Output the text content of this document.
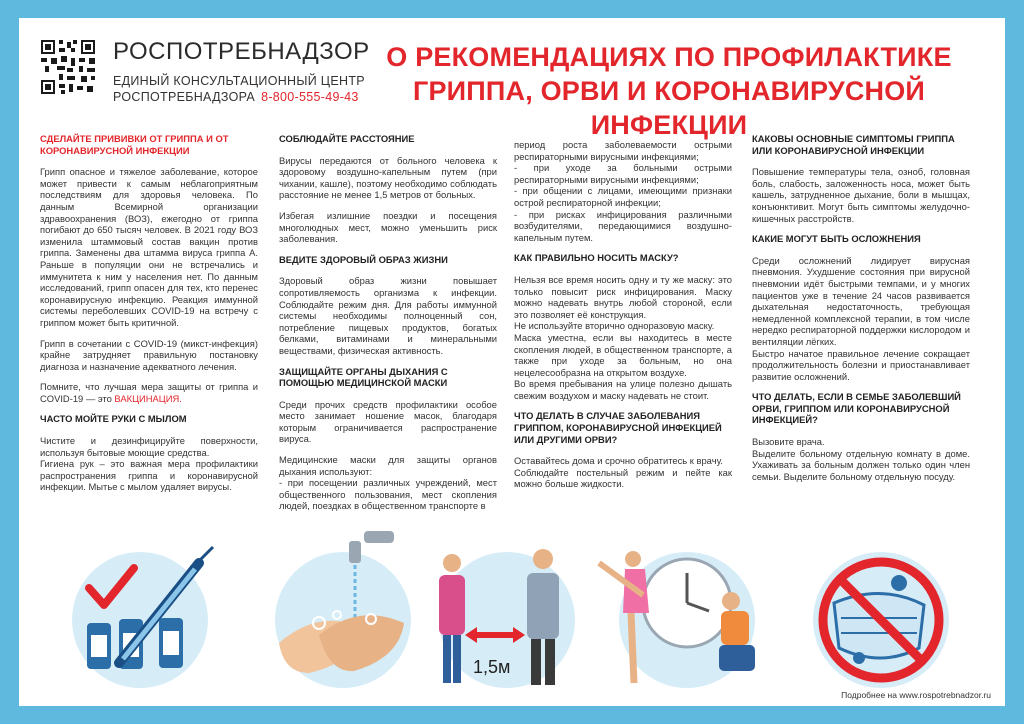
РОСПОТРЕБНАДЗОР
ЕДИНЫЙ КОНСУЛЬТАЦИОННЫЙ ЦЕНТР
РОСПОТРЕБНАДЗОРА 8-800-555-49-43
О РЕКОМЕНДАЦИЯХ ПО ПРОФИЛАКТИКЕ
ГРИППА, ОРВИ И КОРОНАВИРУСНОЙ ИНФЕКЦИИ
СДЕЛАЙТЕ ПРИВИВКИ ОТ ГРИППА И ОТ КОРОНАВИРУСНОЙ ИНФЕКЦИИ

Грипп опасное и тяжелое заболевание, которое может привести к самым неблагоприятным последствиям для здоровья человека. По данным Всемирной организации здравоохранения (ВОЗ), ежегодно от гриппа погибают до 650 тысяч человек. В 2021 году ВОЗ изменила штаммовый состав вакцин против гриппа. Заменены два штамма вируса гриппа А. Раньше в популяции они не встречались и иммунитета к ним у населения нет. По данным исследований, грипп опасен для тех, кто перенес коронавирусную инфекцию. Реакция иммунной системы переболевших COVID-19 на встречу с гриппом может быть критичной.

Грипп в сочетании с COVID-19 (микст-инфекция) крайне затрудняет правильную постановку диагноза и назначение адекватного лечения.

Помните, что лучшая мера защиты от гриппа и COVID-19 — это ВАКЦИНАЦИЯ.

ЧАСТО МОЙТЕ РУКИ С МЫЛОМ

Чистите и дезинфицируйте поверхности, используя бытовые моющие средства.

Гигиена рук – это важная мера профилактики распространения гриппа и коронавирусной инфекции. Мытье с мылом удаляет вирусы.

СОБЛЮДАЙТЕ РАССТОЯНИЕ

Вирусы передаются от больного человека к здоровому воздушно-капельным путем (при чихании, кашле), поэтому необходимо соблюдать расстояние не менее 1,5 метров от больных.

Избегая излишние поездки и посещения многолюдных мест, можно уменьшить риск заболевания.

ВЕДИТЕ ЗДОРОВЫЙ ОБРАЗ ЖИЗНИ

Здоровый образ жизни повышает сопротивляемость организма к инфекции. Соблюдайте режим дня. Для работы иммунной системы необходимы полноценный сон, потребление пищевых продуктов, богатых белками, витаминами и минеральными веществами, физическая активность.

ЗАЩИЩАЙТЕ ОРГАНЫ ДЫХАНИЯ С ПОМОЩЬЮ МЕДИЦИНСКОЙ МАСКИ

Среди прочих средств профилактики особое место занимает ношение масок, благодаря которым ограничивается распространение вируса.

Медицинские маски для защиты органов дыхания используют:

- при посещении различных учреждений, мест общественного пользования, мест скопления людей, поездках в общественном транспорте в

период роста заболеваемости острыми респираторными вирусными инфекциями;

- при уходе за больными острыми респираторными вирусными инфекциями;

- при общении с лицами, имеющими признаки острой респираторной инфекции;

- при рисках инфицирования различными возбудителями, передающимися воздушно-капельным путем.

КАК ПРАВИЛЬНО НОСИТЬ МАСКУ?

Нельзя все время носить одну и ту же маску: это только повысит риск инфицирования. Маску можно надевать внутрь любой стороной, если это позволяет её конструкция.

Не используйте вторично одноразовую маску.

Маска уместна, если вы находитесь в месте скопления людей, в общественном транспорте, а также при уходе за больным, но она нецелесообразна на открытом воздухе.

Во время пребывания на улице полезно дышать свежим воздухом и маску надевать не стоит.

ЧТО ДЕЛАТЬ В СЛУЧАЕ ЗАБОЛЕВАНИЯ ГРИППОМ, КОРОНАВИРУСНОЙ ИНФЕКЦИЕЙ ИЛИ ДРУГИМИ ОРВИ?

Оставайтесь дома и срочно обратитесь к врачу.

Соблюдайте постельный режим и пейте как можно больше жидкости.

КАКОВЫ ОСНОВНЫЕ СИМПТОМЫ ГРИППА ИЛИ КОРОНАВИРУСНОЙ ИНФЕКЦИИ

Повышение температуры тела, озноб, головная боль, слабость, заложенность носа, может быть кашель, затрудненное дыхание, боли в мышцах, конъюнктивит. Могут быть симптомы желудочно-кишечных расстройств.

КАКИЕ МОГУТ БЫТЬ ОСЛОЖНЕНИЯ

Среди осложнений лидирует вирусная пневмония. Ухудшение состояния при вирусной пневмонии идёт быстрыми темпами, и у многих пациентов уже в течение 24 часов развивается дыхательная недостаточность, требующая немедленной комплексной терапии, в том числе нередко респираторной поддержки кислородом и вентиляции лёгких.

Быстро начатое правильное лечение сокращает продолжительность болезни и приостанавливает развитие осложнений.

ЧТО ДЕЛАТЬ, ЕСЛИ В СЕМЬЕ ЗАБОЛЕВШИЙ ОРВИ, ГРИППОМ ИЛИ КОРОНАВИРУСНОЙ ИНФЕКЦИЕЙ?

Вызовите врача.

Выделите больному отдельную комнату в доме. Ухаживать за больным должен только один член семьи. Выделите больному отдельную посуду.

1,5м
Подробнее на www.rospotrebnadzor.ru
